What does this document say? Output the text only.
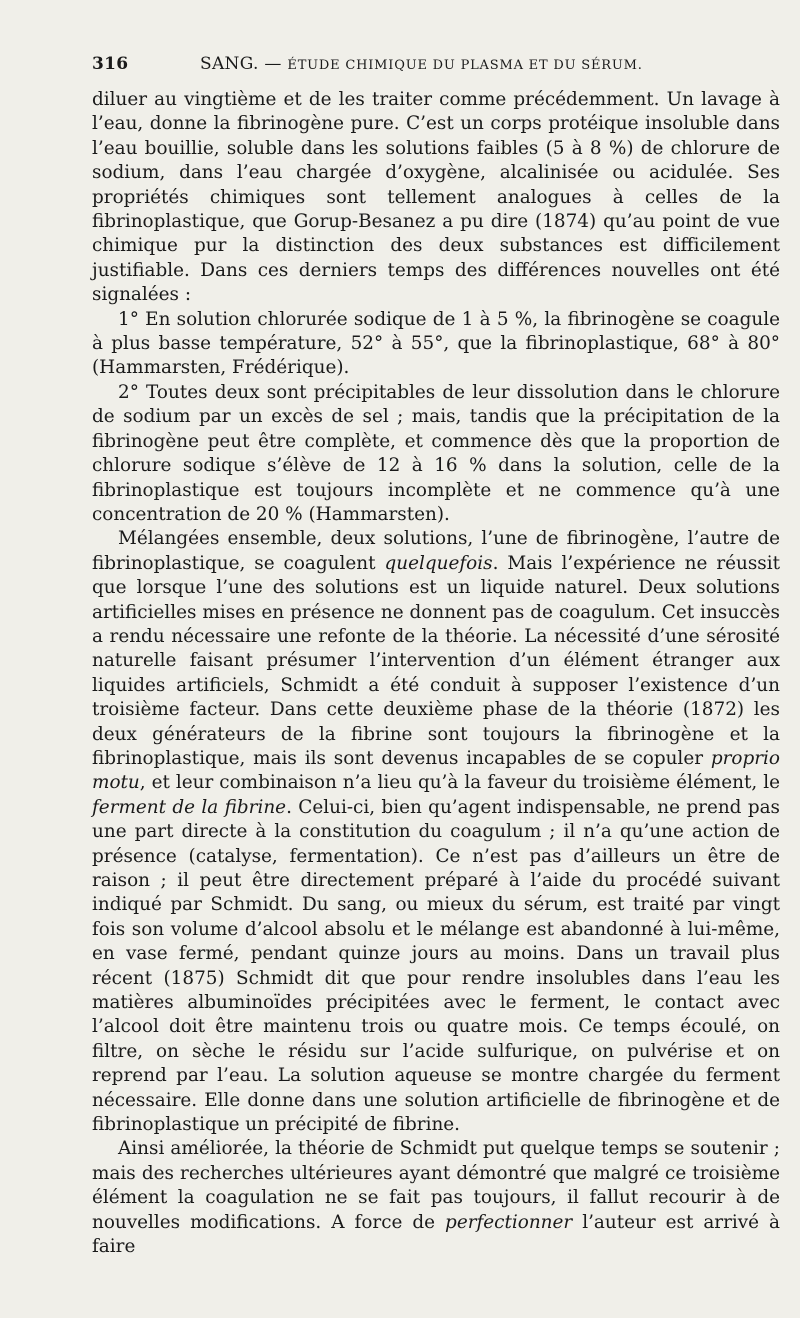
316	SANG. — ÉTUDE CHIMIQUE DU PLASMA ET DU SÉRUM.

diluer au vingtième et de les traiter comme précédemment. Un lavage à l’eau, donne la fibrinogène pure. C’est un corps protéique insoluble dans l’eau bouillie, soluble dans les solutions faibles (5 à 8 %) de chlorure de sodium, dans l’eau chargée d’oxygène, alcalinisée ou acidulée. Ses propriétés chimiques sont tellement analogues à celles de la fibrinoplastique, que Gorup-Besanez a pu dire (1874) qu’au point de vue chimique pur la distinction des deux substances est difficilement justifiable. Dans ces derniers temps des différences nouvelles ont été signalées :

1° En solution chlorurée sodique de 1 à 5 %, la fibrinogène se coagule à plus basse température, 52° à 55°, que la fibrinoplastique, 68° à 80° (Hammarsten, Frédérique).

2° Toutes deux sont précipitables de leur dissolution dans le chlorure de sodium par un excès de sel ; mais, tandis que la précipitation de la fibrinogène peut être complète, et commence dès que la proportion de chlorure sodique s’élève de 12 à 16 % dans la solution, celle de la fibrinoplastique est toujours incomplète et ne commence qu’à une concentration de 20 % (Hammarsten).

Mélangées ensemble, deux solutions, l’une de fibrinogène, l’autre de fibrinoplastique, se coagulent quelquefois. Mais l’expérience ne réussit que lorsque l’une des solutions est un liquide naturel. Deux solutions artificielles mises en présence ne donnent pas de coagulum. Cet insuccès a rendu nécessaire une refonte de la théorie. La nécessité d’une sérosité naturelle faisant présumer l’intervention d’un élément étranger aux liquides artificiels, Schmidt a été conduit à supposer l’existence d’un troisième facteur. Dans cette deuxième phase de la théorie (1872) les deux générateurs de la fibrine sont toujours la fibrinogène et la fibrinoplastique, mais ils sont devenus incapables de se copuler proprio motu, et leur combinaison n’a lieu qu’à la faveur du troisième élément, le ferment de la fibrine. Celui-ci, bien qu’agent indispensable, ne prend pas une part directe à la constitution du coagulum ; il n’a qu’une action de présence (catalyse, fermentation). Ce n’est pas d’ailleurs un être de raison ; il peut être directement préparé à l’aide du procédé suivant indiqué par Schmidt. Du sang, ou mieux du sérum, est traité par vingt fois son volume d’alcool absolu et le mélange est abandonné à lui-même, en vase fermé, pendant quinze jours au moins. Dans un travail plus récent (1875) Schmidt dit que pour rendre insolubles dans l’eau les matières albuminoïdes précipitées avec le ferment, le contact avec l’alcool doit être maintenu trois ou quatre mois. Ce temps écoulé, on filtre, on sèche le résidu sur l’acide sulfurique, on pulvérise et on reprend par l’eau. La solution aqueuse se montre chargée du ferment nécessaire. Elle donne dans une solution artificielle de fibrinogène et de fibrinoplastique un précipité de fibrine.

Ainsi améliorée, la théorie de Schmidt put quelque temps se soutenir ; mais des recherches ultérieures ayant démontré que malgré ce troisième élément la coagulation ne se fait pas toujours, il fallut recourir à de nouvelles modifications. A force de perfectionner l’auteur est arrivé à faire
